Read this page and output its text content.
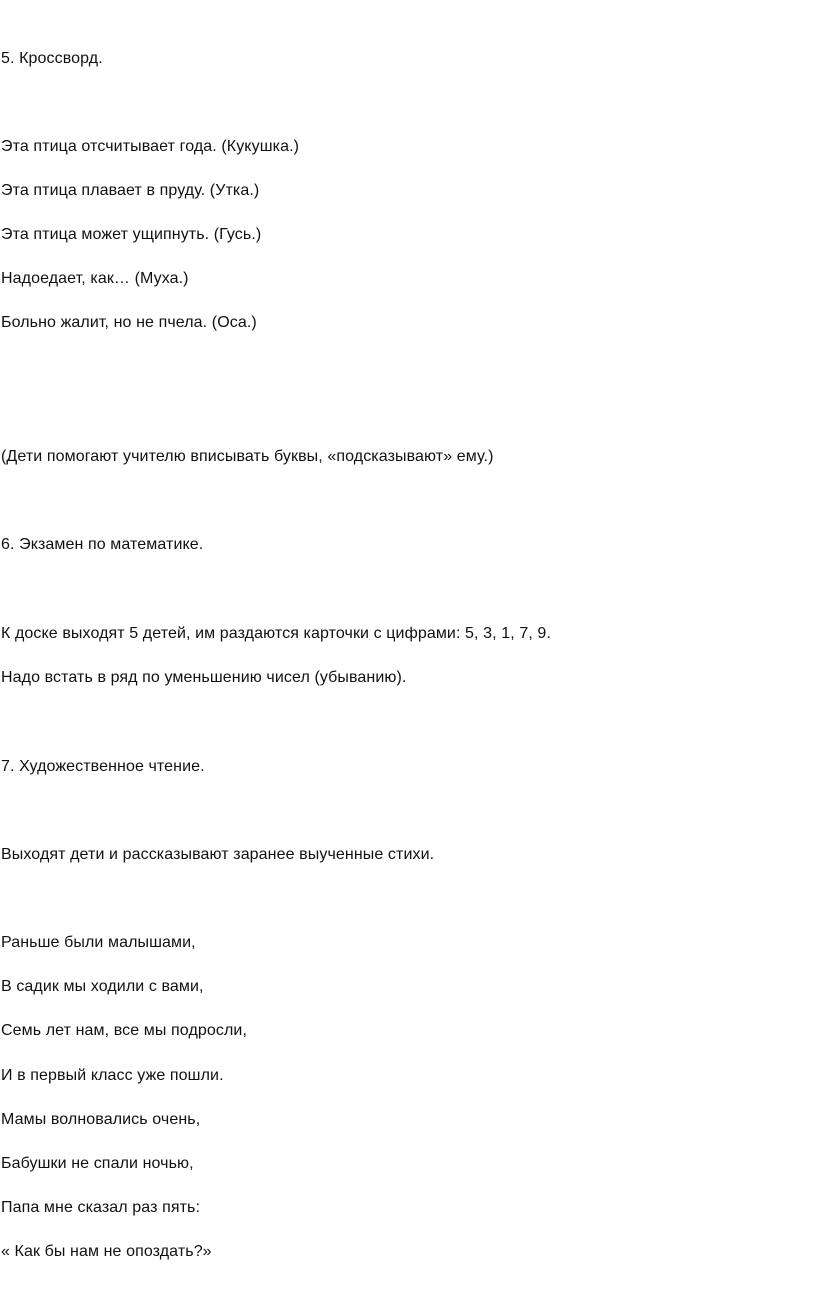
5. Кроссворд.
Эта птица отсчитывает года. (Кукушка.)
Эта птица плавает в пруду. (Утка.)
Эта птица может ущипнуть. (Гусь.)
Надоедает, как… (Муха.)
Больно жалит, но не пчела. (Оса.)
(Дети помогают учителю вписывать буквы, «подсказывают» ему.)
6. Экзамен по математике.
К доске выходят 5 детей, им раздаются карточки с цифрами: 5, 3, 1, 7, 9.
Надо встать в ряд по уменьшению чисел (убыванию).
7. Художественное чтение.
Выходят дети и рассказывают заранее выученные стихи.
Раньше были малышами,
В садик мы ходили с вами,
Семь лет нам, все мы подросли,
И в первый класс уже пошли.
Мамы волновались очень,
Бабушки не спали ночью,
Папа мне сказал раз пять:
« Как бы нам не опоздать?»
